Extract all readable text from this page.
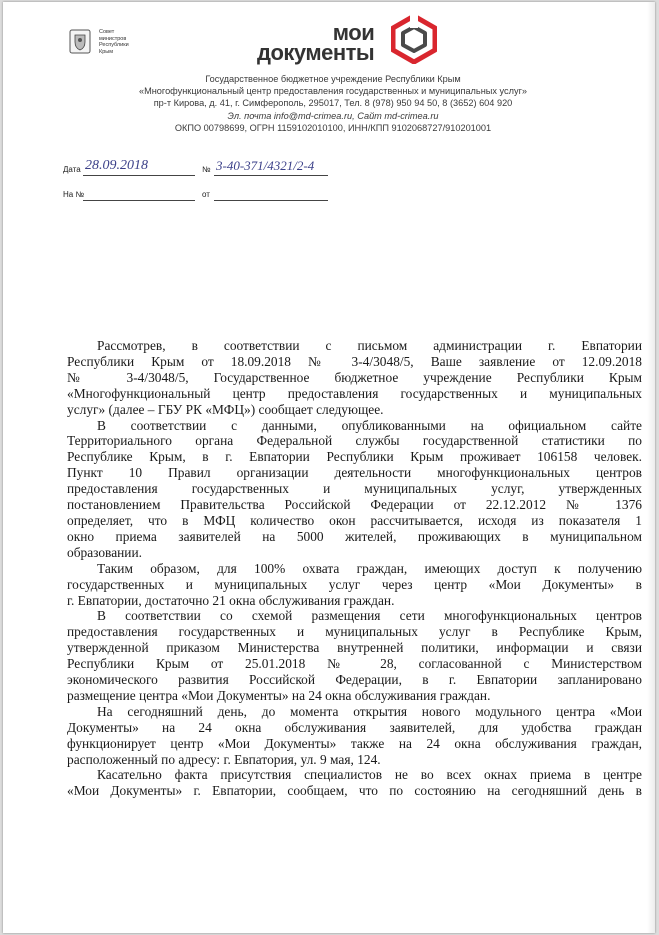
Совет
министров
Республики
Крым
мои
документы
Государственное бюджетное учреждение Республики Крым
«Многофункциональный центр предоставления государственных и муниципальных услуг»
пр-т Кирова, д. 41, г. Симферополь, 295017, Тел. 8 (978) 950 94 50, 8 (3652) 604 920
Эл. почта info@md-crimea.ru, Сайт md-crimea.ru
ОКПО 00798699, ОГРН 1159102010100, ИНН/КПП 9102068727/910201001
Дата 28.09.2018	№ 3-40-371/4321/2-4
На №	от

Рассмотрев, в соответствии с письмом администрации г. Евпатории

Республики Крым от 18.09.2018 № 3-4/3048/5, Ваше заявление от 12.09.2018

№ 3-4/3048/5, Государственное бюджетное учреждение Республики Крым

«Многофункциональный центр предоставления государственных и муниципальных

услуг» (далее – ГБУ РК «МФЦ») сообщает следующее.

В соответствии с данными, опубликованными на официальном сайте

Территориального органа Федеральной службы государственной статистики по

Республике Крым, в г. Евпатории Республики Крым проживает 106158 человек.

Пункт 10 Правил организации деятельности многофункциональных центров

предоставления государственных и муниципальных услуг, утвержденных

постановлением Правительства Российской Федерации от 22.12.2012 № 1376

определяет, что в МФЦ количество окон рассчитывается, исходя из показателя 1

окно приема заявителей на 5000 жителей, проживающих в муниципальном

образовании.

Таким образом, для 100% охвата граждан, имеющих доступ к получению

государственных и муниципальных услуг через центр «Мои Документы» в

г. Евпатории, достаточно 21 окна обслуживания граждан.

В соответствии со схемой размещения сети многофункциональных центров

предоставления государственных и муниципальных услуг в Республике Крым,

утвержденной приказом Министерства внутренней политики, информации и связи

Республики Крым от 25.01.2018 № 28, согласованной с Министерством

экономического развития Российской Федерации, в г. Евпатории запланировано

размещение центра «Мои Документы» на 24 окна обслуживания граждан.

На сегодняшний день, до момента открытия нового модульного центра «Мои

Документы» на 24 окна обслуживания заявителей, для удобства граждан

функционирует центр «Мои Документы» также на 24 окна обслуживания граждан,

расположенный по адресу: г. Евпатория, ул. 9 мая, 124.

Касательно факта присутствия специалистов не во всех окнах приема в центре

«Мои Документы» г. Евпатории, сообщаем, что по состоянию на сегодняшний день в
